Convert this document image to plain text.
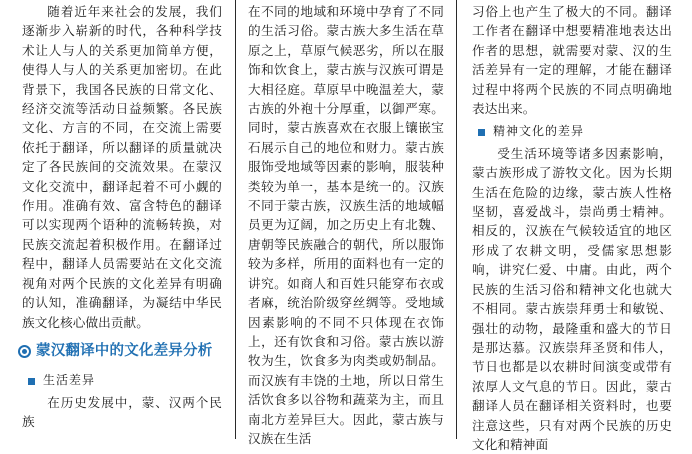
随着近年来社会的发展，我们逐渐步入崭新的时代，各种科学技术让人与人的关系更加简单方便，使得人与人的关系更加密切。在此背景下，我国各民族的日常文化、经济交流等活动日益频繁。各民族文化、方言的不同，在交流上需要依托于翻译，所以翻译的质量就决定了各民族间的交流效果。在蒙汉文化交流中，翻译起着不可小觑的作用。准确有效、富含特色的翻译可以实现两个语种的流畅转换，对民族交流起着积极作用。在翻译过程中，翻译人员需要站在文化交流视角对两个民族的文化差异有明确的认知，准确翻译，为凝结中华民族文化核心做出贡献。

蒙汉翻译中的文化差异分析
生活差异

在历史发展中，蒙、汉两个民族

在不同的地域和环境中孕育了不同的生活习俗。蒙古族大多生活在草原之上，草原气候恶劣，所以在服饰和饮食上，蒙古族与汉族可谓是大相径庭。草原早中晚温差大，蒙古族的外袍十分厚重，以御严寒。同时，蒙古族喜欢在衣服上镶嵌宝石展示自己的地位和财力。蒙古族服饰受地域等因素的影响，服装种类较为单一，基本是统一的。汉族不同于蒙古族，汉族生活的地域幅员更为辽阔，加之历史上有北魏、唐朝等民族融合的朝代，所以服饰较为多样，所用的面料也有一定的讲究。如商人和百姓只能穿布衣或者麻，统治阶级穿丝绸等。受地域因素影响的不同不只体现在衣饰上，还有饮食和习俗。蒙古族以游牧为生，饮食多为肉类或奶制品。而汉族有丰饶的土地，所以日常生活饮食多以谷物和蔬菜为主，而且南北方差异巨大。因此，蒙古族与汉族在生活

习俗上也产生了极大的不同。翻译工作者在翻译中想要精准地表达出作者的思想，就需要对蒙、汉的生活差异有一定的理解，才能在翻译过程中将两个民族的不同点明确地表达出来。

精神文化的差异

受生活环境等诸多因素影响，蒙古族形成了游牧文化。因为长期生活在危险的边缘，蒙古族人性格坚韧，喜爱战斗，崇尚勇士精神。相反的，汉族在气候较适宜的地区形成了农耕文明，受儒家思想影响，讲究仁爱、中庸。由此，两个民族的生活习俗和精神文化也就大不相同。蒙古族崇拜勇士和敏锐、强壮的动物，最隆重和盛大的节日是那达慕。汉族崇拜圣贤和伟人，节日也都是以农耕时间演变或带有浓厚人文气息的节日。因此，蒙古翻译人员在翻译相关资料时，也要注意这些，只有对两个民族的历史文化和精神面
